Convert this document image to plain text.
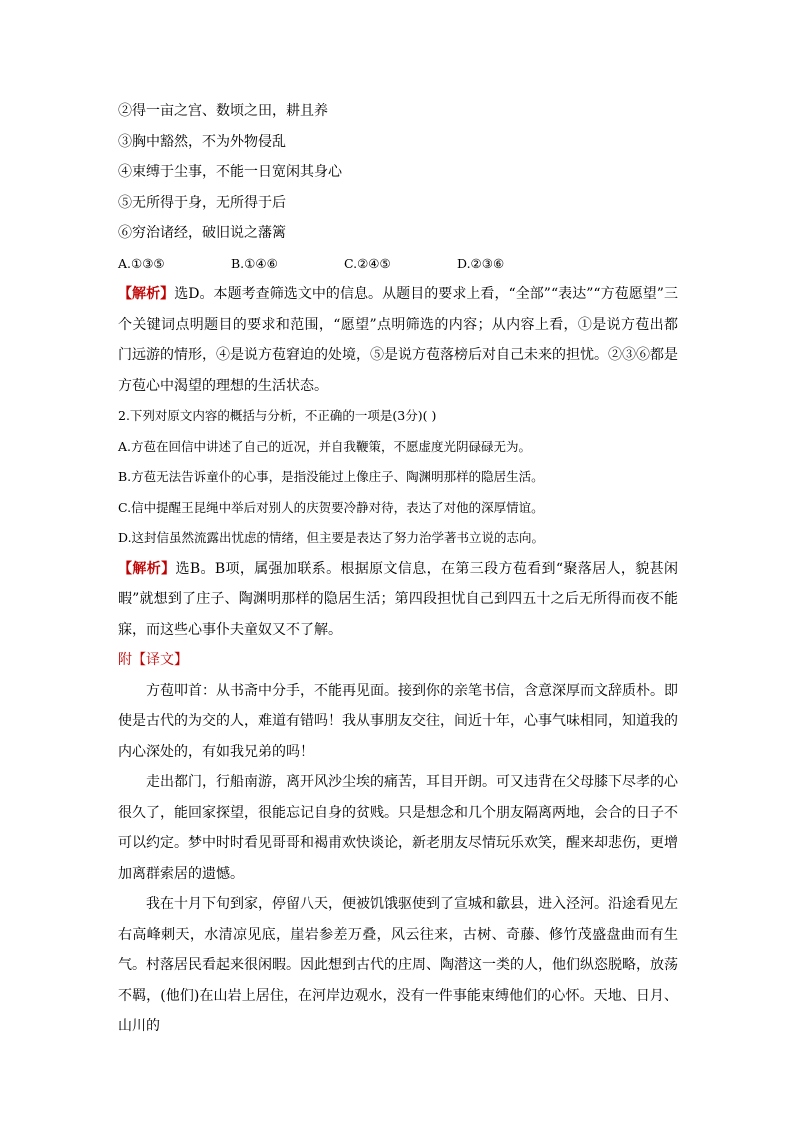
②得一亩之宫、数顷之田，耕且养
③胸中豁然，不为外物侵乱
④束缚于尘事，不能一日宽闲其身心
⑤无所得于身，无所得于后
⑥穷治诸经，破旧说之藩篱
A.①③⑤	B.①④⑥	C.②④⑤	D.②③⑥
【解析】选D。本题考查筛选文中的信息。从题目的要求上看，“全部”“表达”“方苞愿望”三个关键词点明题目的要求和范围，“愿望”点明筛选的内容；从内容上看，①是说方苞出都门远游的情形，④是说方苞窘迫的处境，⑤是说方苞落榜后对自己未来的担忧。②③⑥都是方苞心中渴望的理想的生活状态。
2.下列对原文内容的概括与分析，不正确的一项是(3分)( )
A.方苞在回信中讲述了自己的近况，并自我鞭策，不愿虚度光阴碌碌无为。
B.方苞无法告诉童仆的心事，是指没能过上像庄子、陶渊明那样的隐居生活。
C.信中提醒王昆绳中举后对别人的庆贺要冷静对待，表达了对他的深厚情谊。
D.这封信虽然流露出忧虑的情绪，但主要是表达了努力治学著书立说的志向。
【解析】选B。B项，属强加联系。根据原文信息，在第三段方苞看到“聚落居人，貌甚闲暇”就想到了庄子、陶渊明那样的隐居生活；第四段担忧自己到四五十之后无所得而夜不能寐，而这些心事仆夫童奴又不了解。
附【译文】
方苞叩首：从书斋中分手，不能再见面。接到你的亲笔书信，含意深厚而文辞质朴。即使是古代的为交的人，难道有错吗！我从事朋友交往，间近十年，心事气味相同，知道我的内心深处的，有如我兄弟的吗！
走出都门，行船南游，离开风沙尘埃的痛苦，耳目开朗。可又违背在父母膝下尽孝的心很久了，能回家探望，很能忘记自身的贫贱。只是想念和几个朋友隔离两地，会合的日子不可以约定。梦中时时看见哥哥和褐甫欢快谈论，新老朋友尽情玩乐欢笑，醒来却悲伤，更增加离群索居的遗憾。
我在十月下旬到家，停留八天，便被饥饿驱使到了宣城和歙县，进入泾河。沿途看见左右高峰刺天，水清凉见底，崖岩参差万叠，风云往来，古树、奇藤、修竹茂盛盘曲而有生气。村落居民看起来很闲暇。因此想到古代的庄周、陶潜这一类的人，他们纵恣脱略，放荡不羁，(他们)在山岩上居住，在河岸边观水，没有一件事能束缚他们的心怀。天地、日月、山川的
